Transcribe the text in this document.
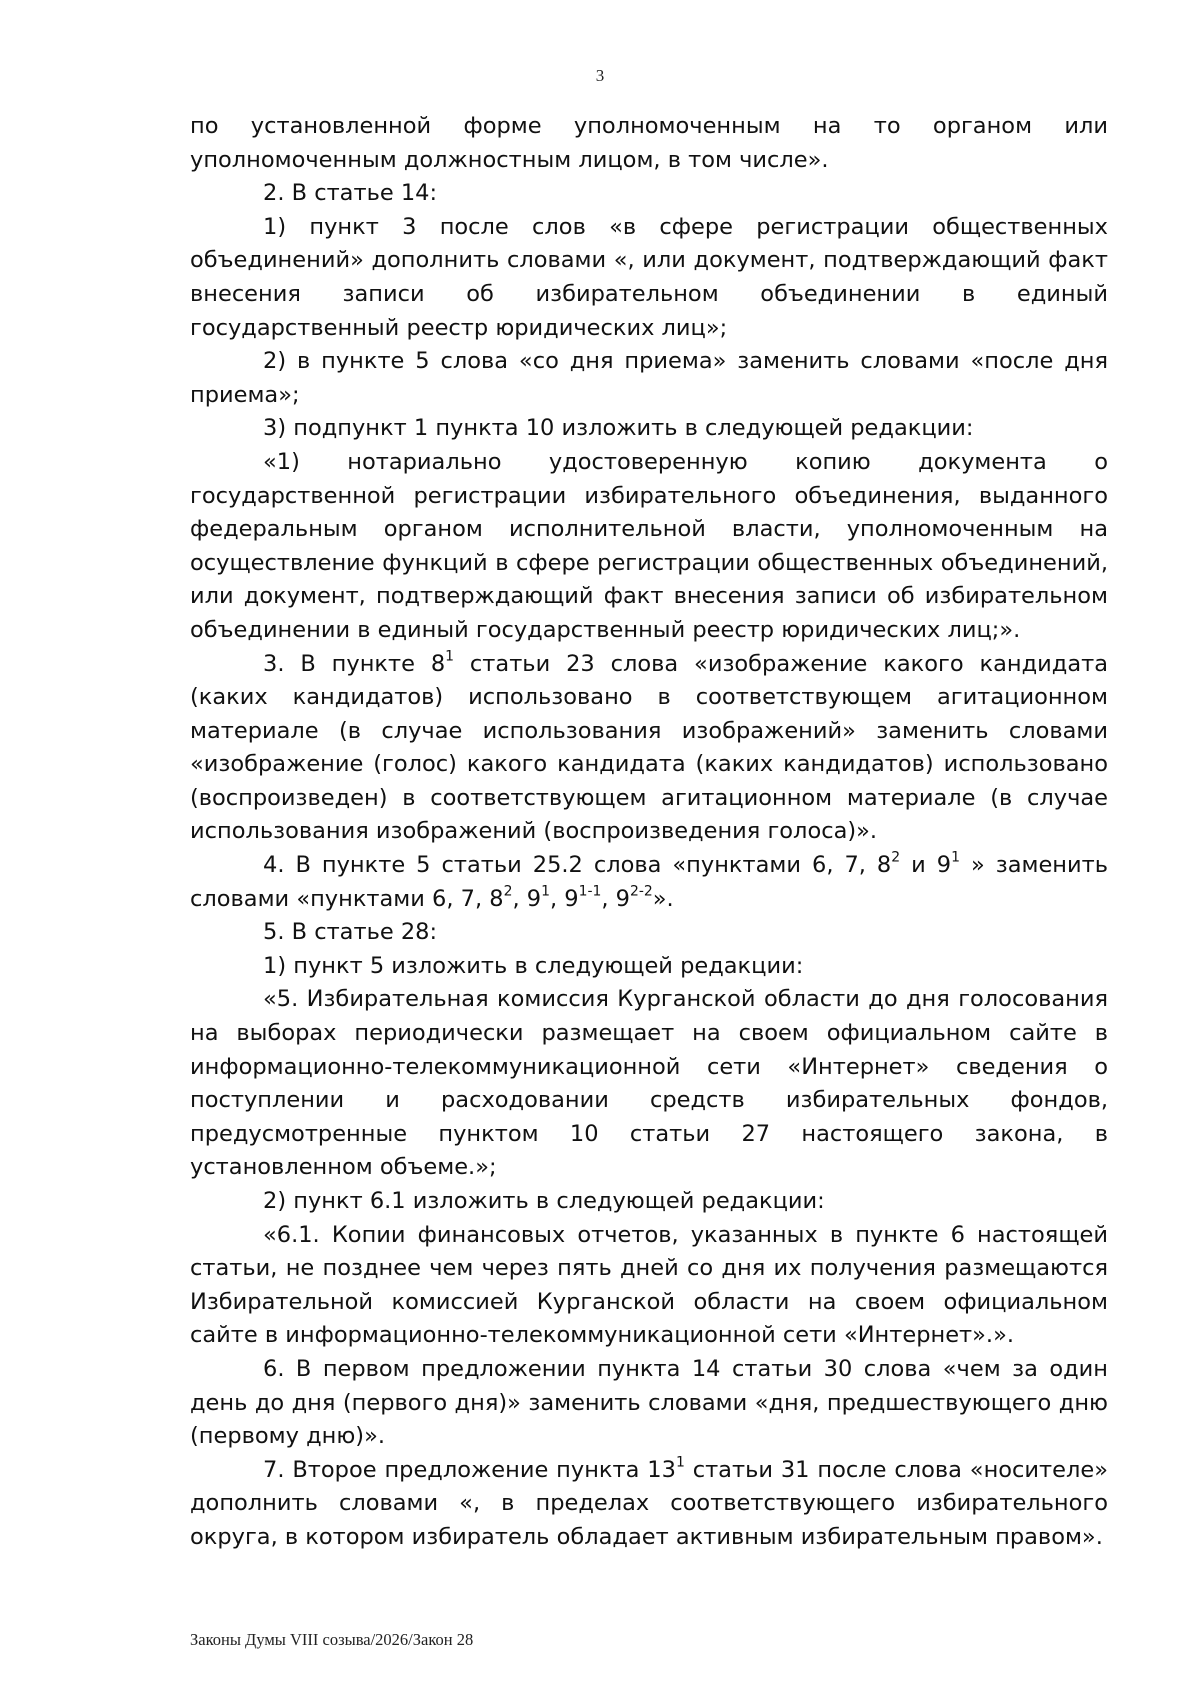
3

по установленной форме уполномоченным на то органом или уполномоченным должностным лицом, в том числе».

2. В статье 14:

1) пункт 3 после слов «в сфере регистрации общественных объединений» дополнить словами «, или документ, подтверждающий факт внесения записи об избирательном объединении в единый государственный реестр юридических лиц»;

2) в пункте 5 слова «со дня приема» заменить словами «после дня приема»;

3) подпункт 1 пункта 10 изложить в следующей редакции:

«1) нотариально удостоверенную копию документа о государственной регистрации избирательного объединения, выданного федеральным органом исполнительной власти, уполномоченным на осуществление функций в сфере регистрации общественных объединений, или документ, подтверждающий факт внесения записи об избирательном объединении в единый государственный реестр юридических лиц;».

3. В пункте $8^1$ статьи 23 слова «изображение какого кандидата (каких кандидатов) использовано в соответствующем агитационном материале (в случае использования изображений» заменить словами «изображение (голос) какого кандидата (каких кандидатов) использовано (воспроизведен) в соответствующем агитационном материале (в случае использования изображений (воспроизведения голоса)».

4. В пункте 5 статьи 25.2 слова «пунктами 6, 7, $8^2$ и $9^1$ » заменить словами «пунктами 6, 7, $8^2$, $9^1$, 9$^{1-1}$, 9$^{2-2}$».

5. В статье 28:

1) пункт 5 изложить в следующей редакции:

«5. Избирательная комиссия Курганской области до дня голосования на выборах периодически размещает на своем официальном сайте в информационно-телекоммуникационной сети «Интернет» сведения о поступлении и расходовании средств избирательных фондов, предусмотренные пунктом 10 статьи 27 настоящего закона, в установленном объеме.»;

2) пункт 6.1 изложить в следующей редакции:

«6.1. Копии финансовых отчетов, указанных в пункте 6 настоящей статьи, не позднее чем через пять дней со дня их получения размещаются Избирательной комиссией Курганской области на своем официальном сайте в информационно-телекоммуникационной сети «Интернет».».

6. В первом предложении пункта 14 статьи 30 слова «чем за один день до дня (первого дня)» заменить словами «дня, предшествующего дню (первому дню)».

7. Второе предложение пункта $13^1$ статьи 31 после слова «носителе» дополнить словами «, в пределах соответствующего избирательного округа, в котором избиратель обладает активным избирательным правом».

Законы Думы VIII созыва/2026/Закон 28
